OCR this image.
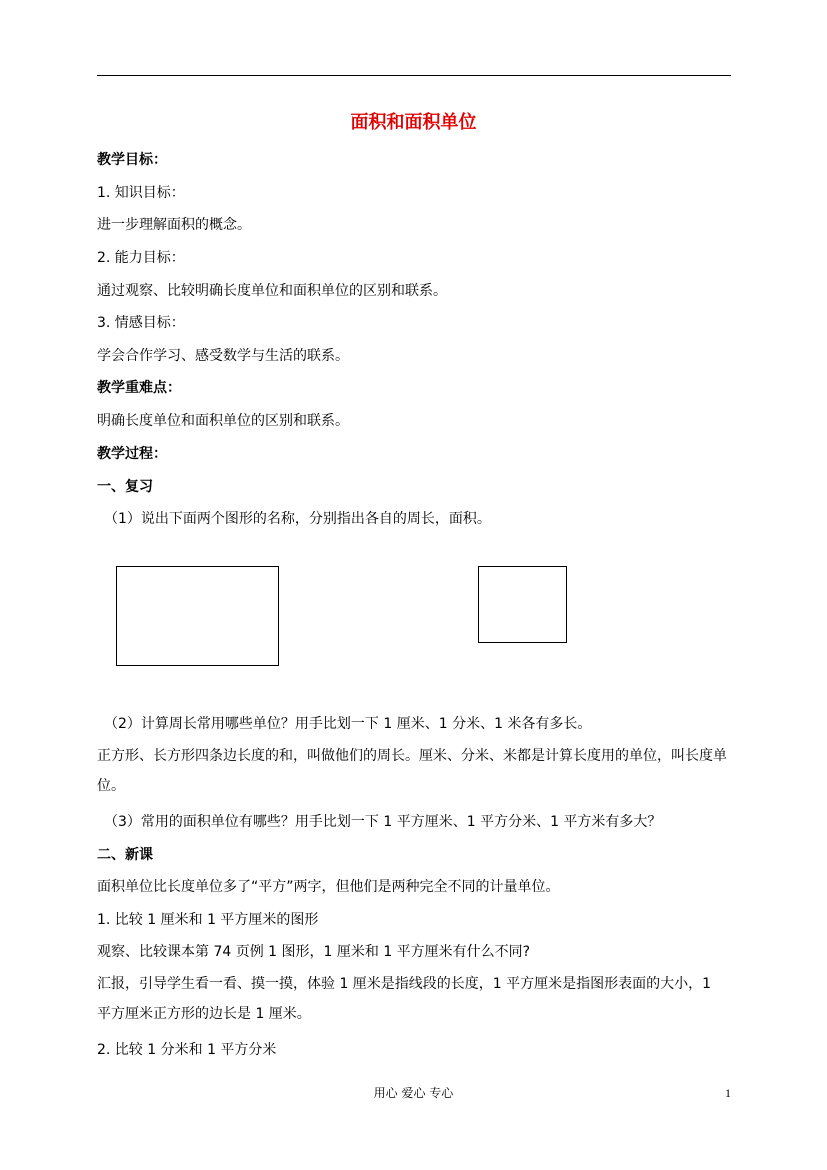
面积和面积单位
教学目标：
1. 知识目标：
进一步理解面积的概念。
2. 能力目标：
通过观察、比较明确长度单位和面积单位的区别和联系。
3. 情感目标：
学会合作学习、感受数学与生活的联系。
教学重难点：
明确长度单位和面积单位的区别和联系。
教学过程：
一、复习
（1）说出下面两个图形的名称，分别指出各自的周长，面积。
（2）计算周长常用哪些单位？用手比划一下 1 厘米、1 分米、1 米各有多长。
正方形、长方形四条边长度的和，叫做他们的周长。厘米、分米、米都是计算长度用的单位，叫长度单位。
（3）常用的面积单位有哪些？用手比划一下 1 平方厘米、1 平方分米、1 平方米有多大？
二、新课
面积单位比长度单位多了“平方”两字，但他们是两种完全不同的计量单位。
1. 比较 1 厘米和 1 平方厘米的图形
观察、比较课本第 74 页例 1 图形，1 厘米和 1 平方厘米有什么不同?
汇报，引导学生看一看、摸一摸，体验 1 厘米是指线段的长度，1 平方厘米是指图形表面的大小，1 平方厘米正方形的边长是 1 厘米。
2. 比较 1 分米和 1 平方分米
用心 爱心 专心	1
